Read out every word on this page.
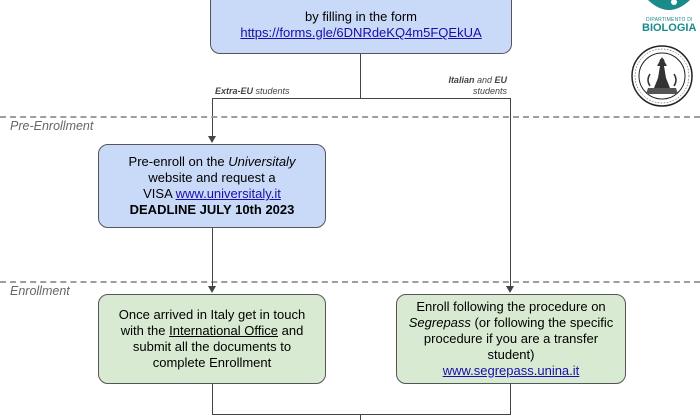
by filling in the form
https://forms.gle/6DNRdeKQ4m5FQEkUA
DIPARTIMENTO DI
BIOLOGIA
Extra-EU students
Italian and EU
students
Pre-Enrollment
Enrollment
Pre-enroll on the Universitaly
website and request a
VISA www.universitaly.it
DEADLINE JULY 10th 2023
Once arrived in Italy get in touch
with the International Office and
submit all the documents to
complete Enrollment
Enroll following the procedure on
Segrepass (or following the specific
procedure if you are a transfer
student)
www.segrepass.unina.it
